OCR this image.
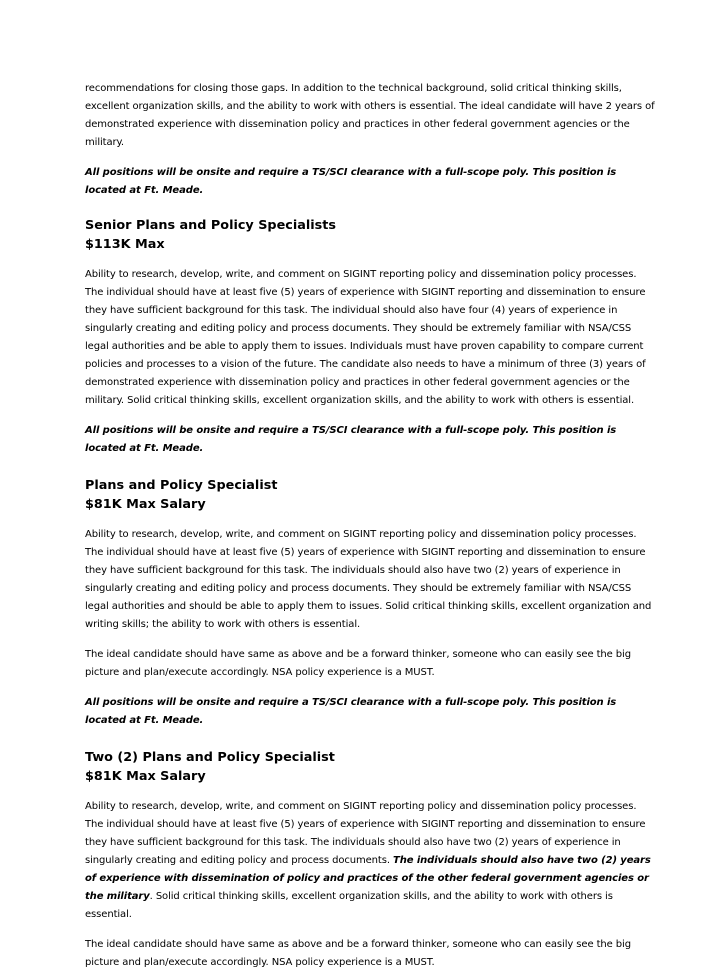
recommendations for closing those gaps. In addition to the technical background, solid critical thinking skills, excellent organization skills, and the ability to work with others is essential. The ideal candidate will have 2 years of demonstrated experience with dissemination policy and practices in other federal government agencies or the military.

All positions will be onsite and require a TS/SCI clearance with a full-scope poly. This position is located at Ft. Meade.

Senior Plans and Policy Specialists
$113K Max

Ability to research, develop, write, and comment on SIGINT reporting policy and dissemination policy processes. The individual should have at least five (5) years of experience with SIGINT reporting and dissemination to ensure they have sufficient background for this task. The individual should also have four (4) years of experience in singularly creating and editing policy and process documents. They should be extremely familiar with NSA/CSS legal authorities and be able to apply them to issues. Individuals must have proven capability to compare current policies and processes to a vision of the future. The candidate also needs to have a minimum of three (3) years of demonstrated experience with dissemination policy and practices in other federal government agencies or the military. Solid critical thinking skills, excellent organization skills, and the ability to work with others is essential.

All positions will be onsite and require a TS/SCI clearance with a full-scope poly. This position is located at Ft. Meade.

Plans and Policy Specialist
$81K Max Salary

Ability to research, develop, write, and comment on SIGINT reporting policy and dissemination policy processes. The individual should have at least five (5) years of experience with SIGINT reporting and dissemination to ensure they have sufficient background for this task. The individuals should also have two (2) years of experience in singularly creating and editing policy and process documents. They should be extremely familiar with NSA/CSS legal authorities and should be able to apply them to issues. Solid critical thinking skills, excellent organization and writing skills; the ability to work with others is essential.

The ideal candidate should have same as above and be a forward thinker, someone who can easily see the big picture and plan/execute accordingly. NSA policy experience is a MUST.

All positions will be onsite and require a TS/SCI clearance with a full-scope poly. This position is located at Ft. Meade.

Two (2) Plans and Policy Specialist
$81K Max Salary

Ability to research, develop, write, and comment on SIGINT reporting policy and dissemination policy processes. The individual should have at least five (5) years of experience with SIGINT reporting and dissemination to ensure they have sufficient background for this task. The individuals should also have two (2) years of experience in singularly creating and editing policy and process documents. The individuals should also have two (2) years of experience with dissemination of policy and practices of the other federal government agencies or the military. Solid critical thinking skills, excellent organization skills, and the ability to work with others is essential.

The ideal candidate should have same as above and be a forward thinker, someone who can easily see the big picture and plan/execute accordingly. NSA policy experience is a MUST.
